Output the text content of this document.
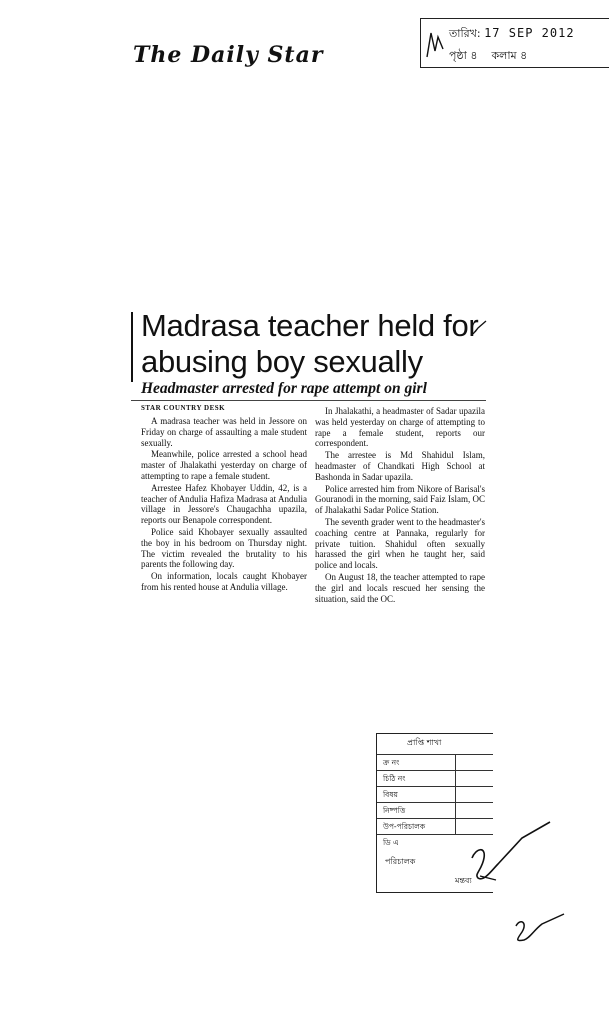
The Daily Star
তারিখ: 17 SEP 2012
পৃষ্ঠা ৪ কলাম ৪
Madrasa teacher held for
abusing boy sexually
Headmaster arrested for rape attempt on girl
STAR COUNTRY DESK

A madrasa teacher was held in Jessore on Friday on charge of assaulting a male student sexually.

Meanwhile, police arrested a school head master of Jhalakathi yesterday on charge of attempting to rape a female student.

Arrestee Hafez Khobayer Uddin, 42, is a teacher of Andulia Hafiza Madrasa at Andulia village in Jessore's Chaugachha upazila, reports our Benapole correspondent.

Police said Khobayer sexually assaulted the boy in his bedroom on Thursday night. The victim revealed the brutality to his parents the following day.

On information, locals caught Khobayer from his rented house at Andulia village.

In Jhalakathi, a headmaster of Sadar upazila was held yesterday on charge of attempting to rape a female student, reports our correspondent.

The arrestee is Md Shahidul Islam, headmaster of Chandkati High School at Bashonda in Sadar upazila.

Police arrested him from Nikore of Barisal's Gouranodi in the morning, said Faiz Islam, OC of Jhalakathi Sadar Police Station.

The seventh grader went to the headmaster's coaching centre at Pannaka, regularly for private tuition. Shahidul often sexually harassed the girl when he taught her, said police and locals.

On August 18, the teacher attempted to rape the girl and locals rescued her sensing the situation, said the OC.

প্রাপ্তি শাখা
ক্র নং
চিঠি নং
বিষয়
নিষ্পত্তি
উপ-পরিচালক
ডি এ
পরিচালক
মন্তব্য
